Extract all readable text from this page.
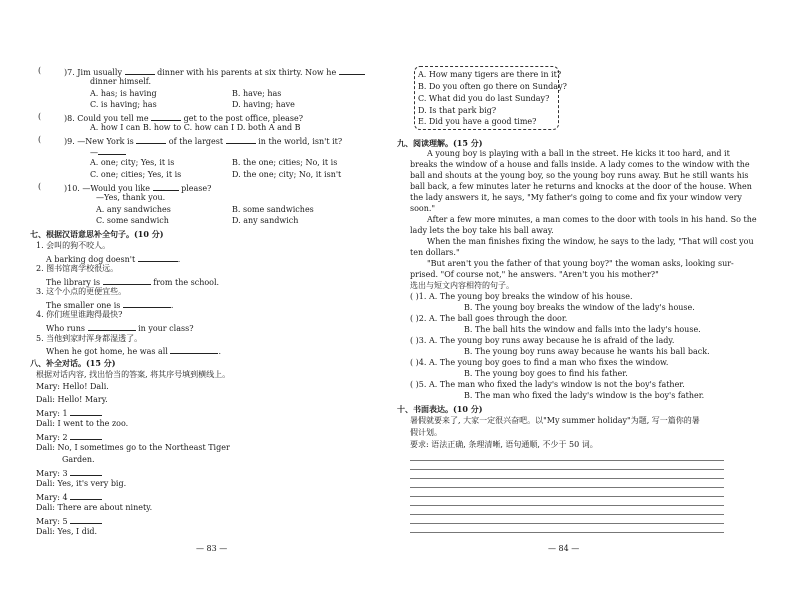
(	)7. Jim usually	dinner with his parents at six thirty. Now he
dinner himself.
A. has; is having	B. have; has
C. is having; has	D. having; have
(	)8. Could you tell me	get to the post office, please?
A. how I can B. how to C. how can I D. both A and B
(	)9. —New York is	of the largest	in the world, isn't it?
—
A. one; city; Yes, it is	B. the one; cities; No, it is
C. one; cities; Yes, it is	D. the one; city; No, it isn't
(	)10. —Would you like	please?
—Yes, thank you.
A. any sandwiches	B. some sandwiches
C. some sandwich	D. any sandwich
七、根据汉语意思补全句子。(10 分)
1. 会叫的狗不咬人。
A barking dog doesn't	.
2. 图书馆离学校很远。
The library is	from the school.
3. 这个小点的更便宜些。
The smaller one is	.
4. 你们班里谁跑得最快?
Who runs	in your class?
5. 当他到家时浑身都湿透了。
When he got home, he was all	.
八、补全对话。(15 分)
根据对话内容, 找出恰当的答案, 将其序号填到横线上。
Mary: Hello! Dali.
Dali: Hello! Mary.
Mary: 1
Dali: I went to the zoo.
Mary: 2
Dali: No, I sometimes go to the Northeast Tiger
Garden.
Mary: 3
Dali: Yes, it's very big.
Mary: 4
Dali: There are about ninety.
Mary: 5
Dali: Yes, I did.
— 83 —
A. How many tigers are there in it?
B. Do you often go there on Sunday?
C. What did you do last Sunday?
D. Is that park big?
E. Did you have a good time?
九、阅读理解。(15 分)
A young boy is playing with a ball in the street. He kicks it too hard, and it
breaks the window of a house and falls inside. A lady comes to the window with the
ball and shouts at the young boy, so the young boy runs away. But he still wants his
ball back, a few minutes later he returns and knocks at the door of the house. When
the lady answers it, he says, "My father's going to come and fix your window very
soon."
After a few more minutes, a man comes to the door with tools in his hand. So the
lady lets the boy take his ball away.
When the man finishes fixing the window, he says to the lady, "That will cost you
ten dollars."
"But aren't you the father of that young boy?" the woman asks, looking sur-
prised. "Of course not," he answers. "Aren't you his mother?"
选出与短文内容相符的句子。
( )1. A. The young boy breaks the window of his house.
B. The young boy breaks the window of the lady's house.
( )2. A. The ball goes through the door.
B. The ball hits the window and falls into the lady's house.
( )3. A. The young boy runs away because he is afraid of the lady.
B. The young boy runs away because he wants his ball back.
( )4. A. The young boy goes to find a man who fixes the window.
B. The young boy goes to find his father.
( )5. A. The man who fixed the lady's window is not the boy's father.
B. The man who fixed the lady's window is the boy's father.
十、书面表达。(10 分)
暑假就要来了, 大家一定很兴奋吧。以"My summer holiday"为题, 写一篇你的暑
假计划。
要求: 语法正确, 条理清晰, 语句通顺, 不少于 50 词。
— 84 —
